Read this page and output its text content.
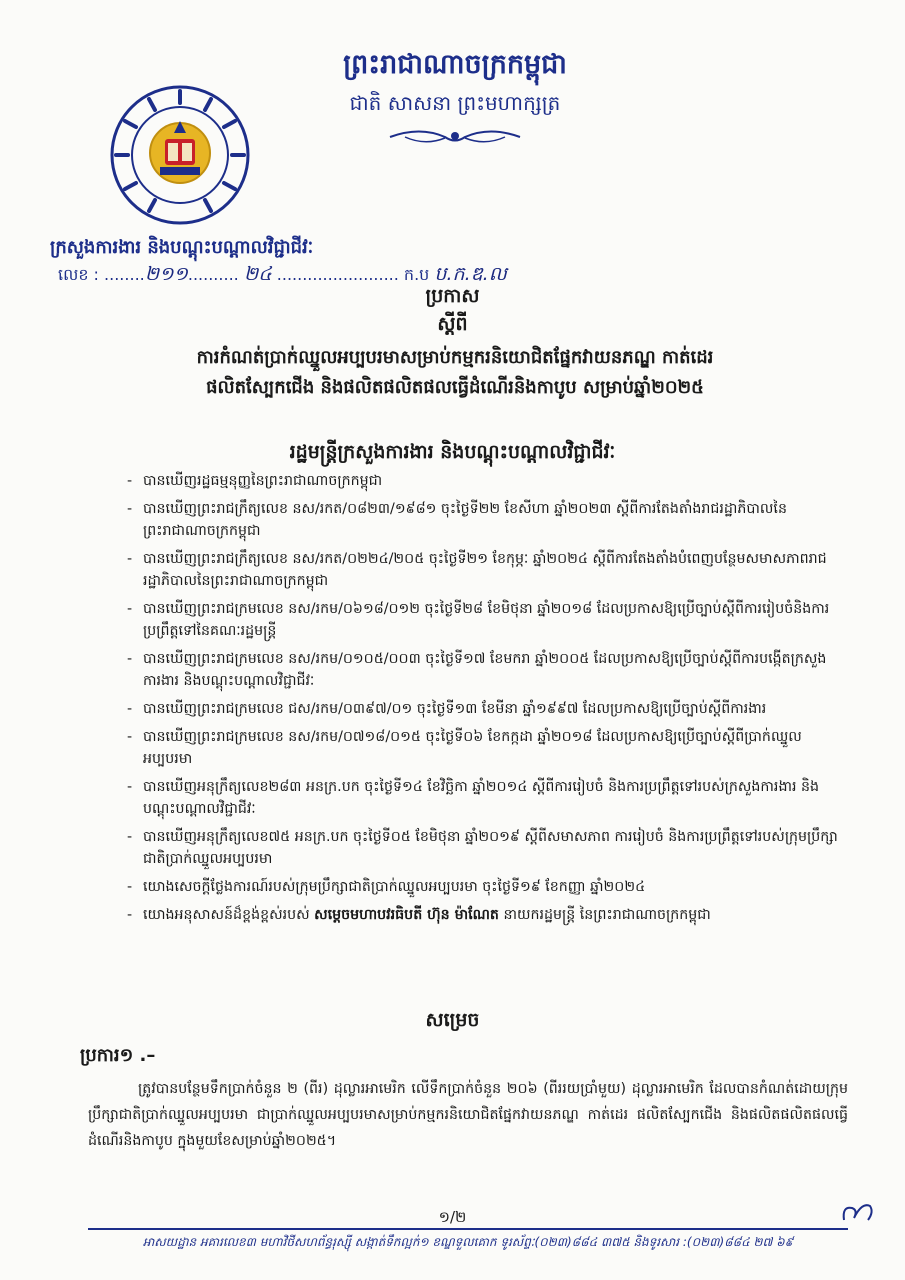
ព្រះរាជាណាចក្រកម្ពុជា
ជាតិ សាសនា ព្រះមហាក្សត្រ
ក្រសួងការងារ និងបណ្តុះបណ្តាលវិជ្ជាជីវៈ
លេខ : ........២១១.......... ២៤ ........................ ក.ប ប.ក.ឌ.ល
ប្រកាស
ស្តីពី
ការកំណត់ប្រាក់ឈ្នួលអប្បបរមាសម្រាប់កម្មករនិយោជិតផ្នែកវាយនភណ្ឌ កាត់ដេរ
ផលិតស្បែកជើង និងផលិតផលិតផលធ្វើដំណើរនិងកាបូប សម្រាប់ឆ្នាំ២០២៥
រដ្ឋមន្ត្រីក្រសួងការងារ និងបណ្តុះបណ្តាលវិជ្ជាជីវៈ
- បានឃើញរដ្ឋធម្មនុញ្ញនៃព្រះរាជាណាចក្រកម្ពុជា
- បានឃើញព្រះរាជក្រឹត្យលេខ នស/រកត/០៨២៣/១៩៨១ ចុះថ្ងៃទី២២ ខែសីហា ឆ្នាំ២០២៣ ស្តីពីការតែងតាំងរាជរដ្ឋាភិបាលនៃព្រះរាជាណាចក្រកម្ពុជា
- បានឃើញព្រះរាជក្រឹត្យលេខ នស/រកត/០២២៤/២០៥ ចុះថ្ងៃទី២១ ខែកុម្ភៈ ឆ្នាំ២០២៤ ស្តីពីការតែងតាំងបំពេញបន្ថែមសមាសភាពរាជរដ្ឋាភិបាលនៃព្រះរាជាណាចក្រកម្ពុជា
- បានឃើញព្រះរាជក្រមលេខ នស/រកម/០៦១៨/០១២ ចុះថ្ងៃទី២៨ ខែមិថុនា ឆ្នាំ២០១៨ ដែលប្រកាសឱ្យប្រើច្បាប់ស្តីពីការរៀបចំនិងការប្រព្រឹត្តទៅនៃគណៈរដ្ឋមន្ត្រី
- បានឃើញព្រះរាជក្រមលេខ នស/រកម/០១០៥/០០៣ ចុះថ្ងៃទី១៧ ខែមករា ឆ្នាំ២០០៥ ដែលប្រកាសឱ្យប្រើច្បាប់ស្តីពីការបង្កើតក្រសួងការងារ និងបណ្តុះបណ្តាលវិជ្ជាជីវៈ
- បានឃើញព្រះរាជក្រមលេខ ជស/រកម/០៣៩៧/០១ ចុះថ្ងៃទី១៣ ខែមីនា ឆ្នាំ១៩៩៧ ដែលប្រកាសឱ្យប្រើច្បាប់ស្តីពីការងារ
- បានឃើញព្រះរាជក្រមលេខ នស/រកម/០៧១៨/០១៥ ចុះថ្ងៃទី០៦ ខែកក្កដា ឆ្នាំ២០១៨ ដែលប្រកាសឱ្យប្រើច្បាប់ស្តីពីប្រាក់ឈ្នួលអប្បបរមា
- បានឃើញអនុក្រឹត្យលេខ២៨៣ អនក្រ.បក ចុះថ្ងៃទី១៤ ខែវិច្ឆិកា ឆ្នាំ២០១៤ ស្តីពីការរៀបចំ និងការប្រព្រឹត្តទៅរបស់ក្រសួងការងារ និងបណ្តុះបណ្តាលវិជ្ជាជីវៈ
- បានឃើញអនុក្រឹត្យលេខ៧៥ អនក្រ.បក ចុះថ្ងៃទី០៥ ខែមិថុនា ឆ្នាំ២០១៩ ស្តីពីសមាសភាព ការរៀបចំ និងការប្រព្រឹត្តទៅរបស់ក្រុមប្រឹក្សាជាតិប្រាក់ឈ្នួលអប្បបរមា
- យោងសេចក្តីថ្លែងការណ៍របស់ក្រុមប្រឹក្សាជាតិប្រាក់ឈ្នួលអប្បបរមា ចុះថ្ងៃទី១៩ ខែកញ្ញា ឆ្នាំ២០២៤
- យោងអនុសាសន៍ដ៏ខ្ពង់ខ្ពស់របស់ សម្តេចមហាបវរធិបតី ហ៊ុន ម៉ាណែត នាយករដ្ឋមន្ត្រី នៃព្រះរាជាណាចក្រកម្ពុជា
សម្រេច
ប្រការ១ .–
ត្រូវបានបន្ថែមទឹកប្រាក់ចំនួន ២ (ពីរ) ដុល្លារអាមេរិក លើទឹកប្រាក់ចំនួន ២០៦ (ពីររយប្រាំមួយ) ដុល្លារអាមេរិក ដែលបានកំណត់ដោយក្រុមប្រឹក្សាជាតិប្រាក់ឈ្នួលអប្បបរមា ជាប្រាក់ឈ្នួលអប្បបរមាសម្រាប់កម្មករនិយោជិតផ្នែកវាយនភណ្ឌ កាត់ដេរ ផលិតស្បែកជើង និងផលិតផលិតផលធ្វើដំណើរនិងកាបូប ក្នុងមួយខែសម្រាប់ឆ្នាំ២០២៥។
១/២	ស
អាសយដ្ឋាន អគារលេខ៣ មហាវិថីសហព័ន្ធរុស្ស៊ី សង្កាត់ទឹកល្អក់១ ខណ្ឌទួលគោក ទូរស័ព្ទៈ(០២៣)៨៨៤ ៣៧៥ និងទូរសារ :(០២៣)៨៨៤ ២៧ ៦៩
